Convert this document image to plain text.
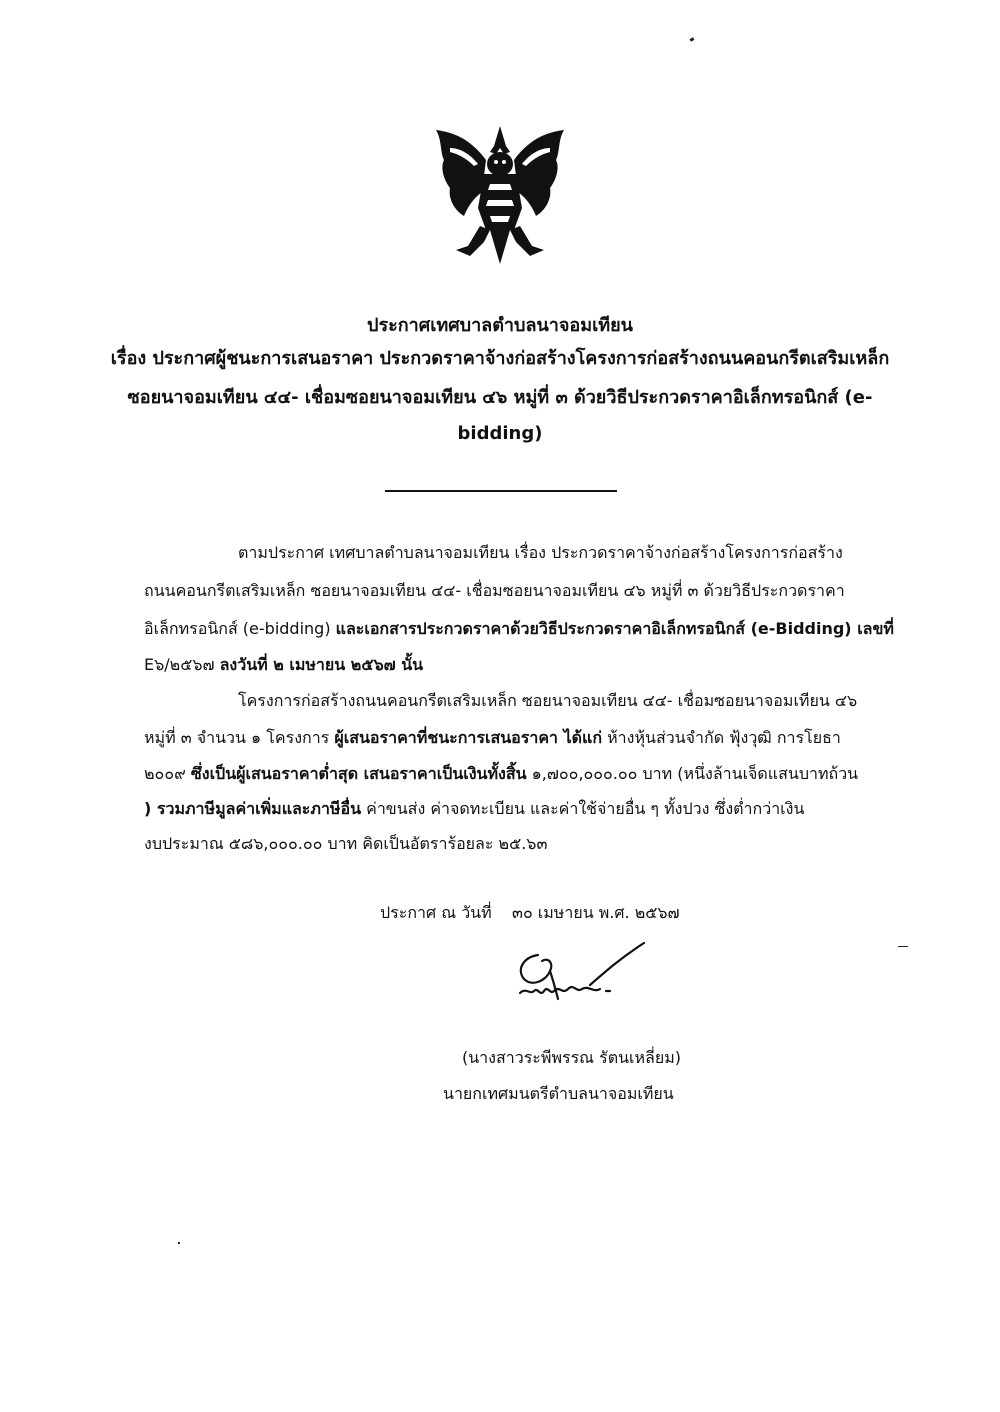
ประกาศเทศบาลตำบลนาจอมเทียน
เรื่อง ประกาศผู้ชนะการเสนอราคา ประกวดราคาจ้างก่อสร้างโครงการก่อสร้างถนนคอนกรีตเสริมเหล็ก
ซอยนาจอมเทียน ๔๔- เชื่อมซอยนาจอมเทียน ๔๖ หมู่ที่ ๓ ด้วยวิธีประกวดราคาอิเล็กทรอนิกส์ (e-
bidding)
ตามประกาศ เทศบาลตำบลนาจอมเทียน เรื่อง ประกวดราคาจ้างก่อสร้างโครงการก่อสร้าง
ถนนคอนกรีตเสริมเหล็ก ซอยนาจอมเทียน ๔๔- เชื่อมซอยนาจอมเทียน ๔๖ หมู่ที่ ๓ ด้วยวิธีประกวดราคา
อิเล็กทรอนิกส์ (e-bidding) และเอกสารประกวดราคาด้วยวิธีประกวดราคาอิเล็กทรอนิกส์ (e-Bidding) เลขที่
E๖/๒๕๖๗ ลงวันที่ ๒ เมษายน ๒๕๖๗ นั้น
โครงการก่อสร้างถนนคอนกรีตเสริมเหล็ก ซอยนาจอมเทียน ๔๔- เชื่อมซอยนาจอมเทียน ๔๖
หมู่ที่ ๓ จำนวน ๑ โครงการ ผู้เสนอราคาที่ชนะการเสนอราคา ได้แก่ ห้างหุ้นส่วนจำกัด ฟุ้งวุฒิ การโยธา
๒๐๐๙ ซึ่งเป็นผู้เสนอราคาต่ำสุด เสนอราคาเป็นเงินทั้งสิ้น ๑,๗๐๐,๐๐๐.๐๐ บาท (หนึ่งล้านเจ็ดแสนบาทถ้วน
) รวมภาษีมูลค่าเพิ่มและภาษีอื่น ค่าขนส่ง ค่าจดทะเบียน และค่าใช้จ่ายอื่น ๆ ทั้งปวง ซึ่งต่ำกว่าเงิน
งบประมาณ ๕๘๖,๐๐๐.๐๐ บาท คิดเป็นอัตราร้อยละ ๒๕.๖๓
ประกาศ ณ วันที่    ๓๐ เมษายน พ.ศ. ๒๕๖๗
(นางสาวระพีพรรณ รัตนเหลี่ยม)
นายกเทศมนตรีตำบลนาจอมเทียน
